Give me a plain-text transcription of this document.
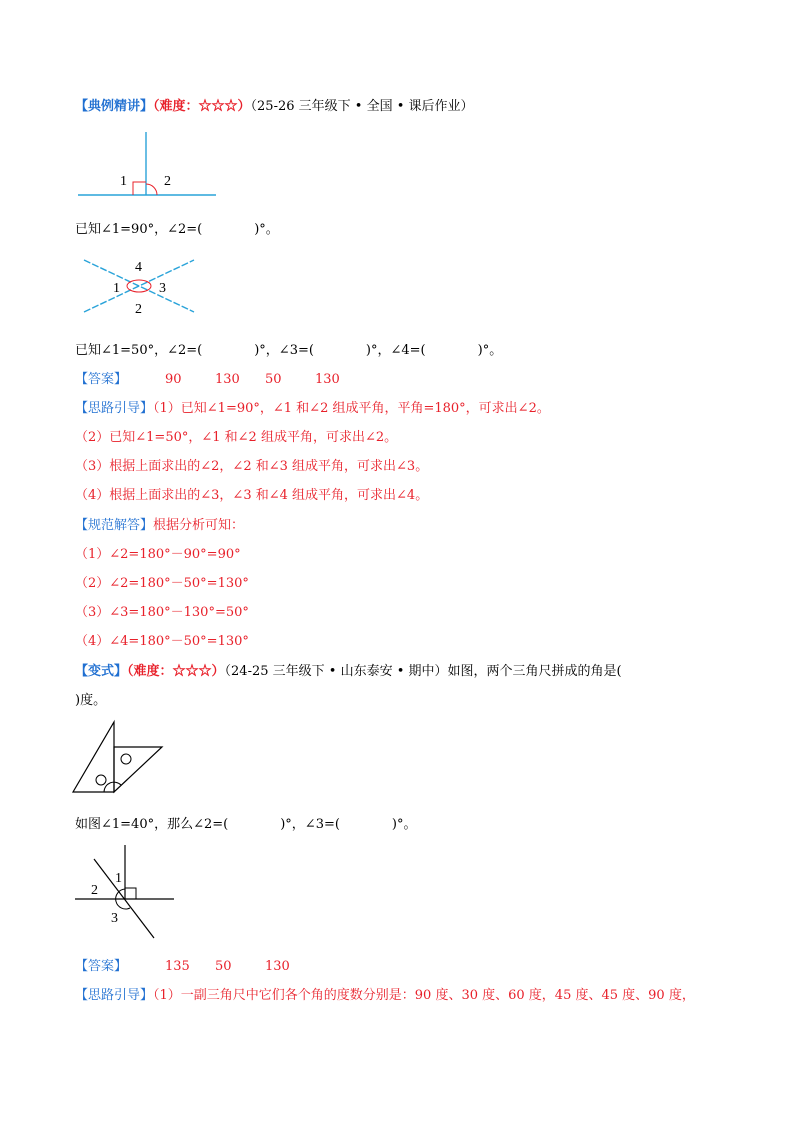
【典例精讲】（难度：☆☆☆）（25-26 三年级下 • 全国 • 课后作业）
1	2
已知∠1=90°，∠2=(　　　　)°。
4
1	3
2
已知∠1=50°，∠2=(　　　　)°，∠3=(　　　　)°，∠4=(　　　　)°。
【答案】	90	130 50	130
【思路引导】（1）已知∠1=90°，∠1 和∠2 组成平角，平角=180°，可求出∠2。
（2）已知∠1=50°，∠1 和∠2 组成平角，可求出∠2。
（3）根据上面求出的∠2，∠2 和∠3 组成平角，可求出∠3。
（4）根据上面求出的∠3，∠3 和∠4 组成平角，可求出∠4。
【规范解答】根据分析可知：
（1）∠2=180°－90°=90°
（2）∠2=180°－50°=130°
（3）∠3=180°－130°=50°
（4）∠4=180°－50°=130°
【变式】（难度：☆☆☆）（24-25 三年级下 • 山东泰安 • 期中）如图，两个三角尺拼成的角是(
)度。
如图∠1=40°，那么∠2=(　　　　)°，∠3=(　　　　)°。
1
2
3
【答案】	135 50	130
【思路引导】（1）一副三角尺中它们各个角的度数分别是：90 度、30 度、60 度，45 度、45 度、90 度，
